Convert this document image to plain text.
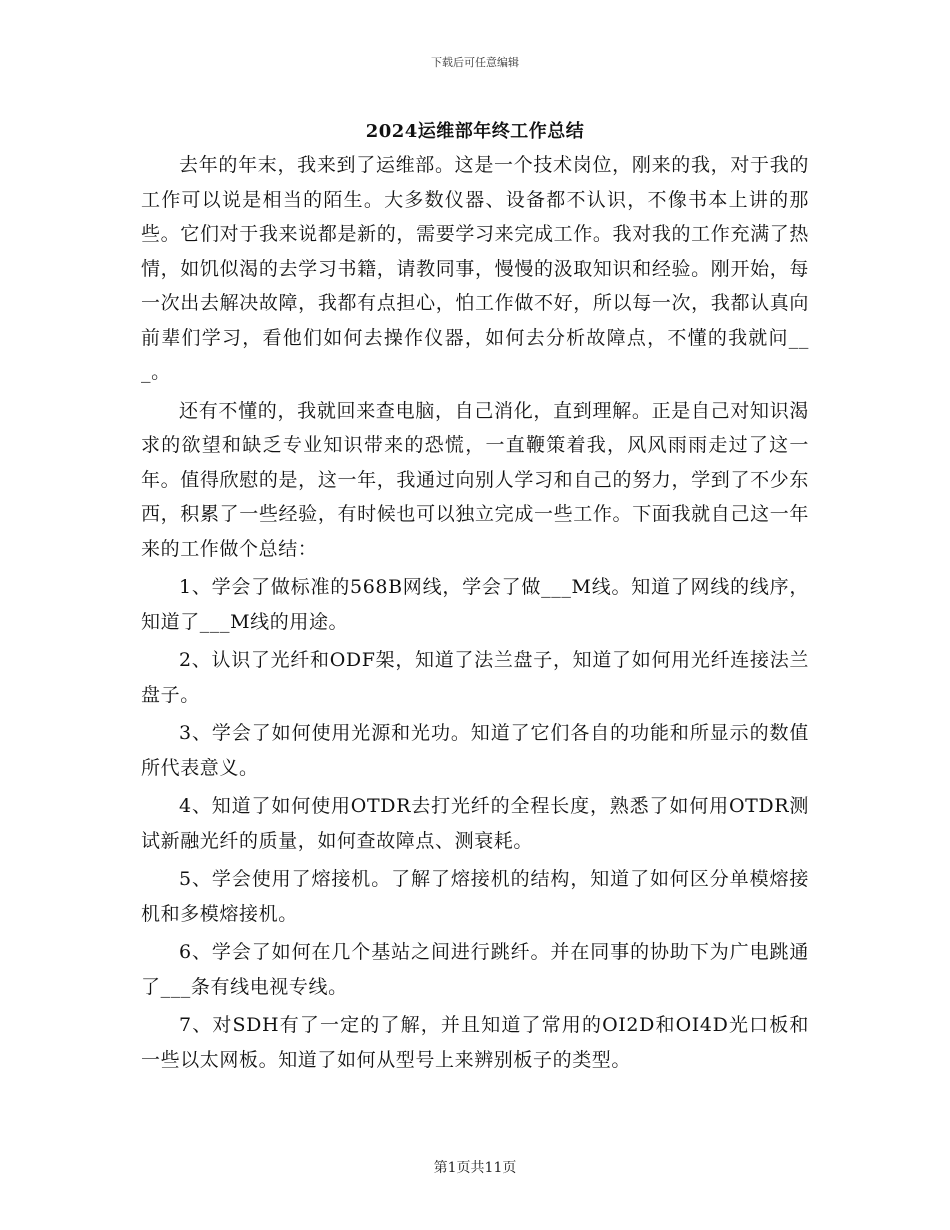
下载后可任意编辑
2024运维部年终工作总结

去年的年末，我来到了运维部。这是一个技术岗位，刚来的我，对于我的工作可以说是相当的陌生。大多数仪器、设备都不认识，不像书本上讲的那些。它们对于我来说都是新的，需要学习来完成工作。我对我的工作充满了热情，如饥似渴的去学习书籍，请教同事，慢慢的汲取知识和经验。刚开始，每一次出去解决故障，我都有点担心，怕工作做不好，所以每一次，我都认真向前辈们学习，看他们如何去操作仪器，如何去分析故障点，不懂的我就问___。

还有不懂的，我就回来查电脑，自己消化，直到理解。正是自己对知识渴求的欲望和缺乏专业知识带来的恐慌，一直鞭策着我，风风雨雨走过了这一年。值得欣慰的是，这一年，我通过向别人学习和自己的努力，学到了不少东西，积累了一些经验，有时候也可以独立完成一些工作。下面我就自己这一年来的工作做个总结：

1、学会了做标准的568B网线，学会了做___M线。知道了网线的线序，知道了___M线的用途。

2、认识了光纤和ODF架，知道了法兰盘子，知道了如何用光纤连接法兰盘子。

3、学会了如何使用光源和光功。知道了它们各自的功能和所显示的数值所代表意义。

4、知道了如何使用OTDR去打光纤的全程长度，熟悉了如何用OTDR测试新融光纤的质量，如何查故障点、测衰耗。

5、学会使用了熔接机。了解了熔接机的结构，知道了如何区分单模熔接机和多模熔接机。

6、学会了如何在几个基站之间进行跳纤。并在同事的协助下为广电跳通了___条有线电视专线。

7、对SDH有了一定的了解，并且知道了常用的OI2D和OI4D光口板和一些以太网板。知道了如何从型号上来辨别板子的类型。

第1页共11页
